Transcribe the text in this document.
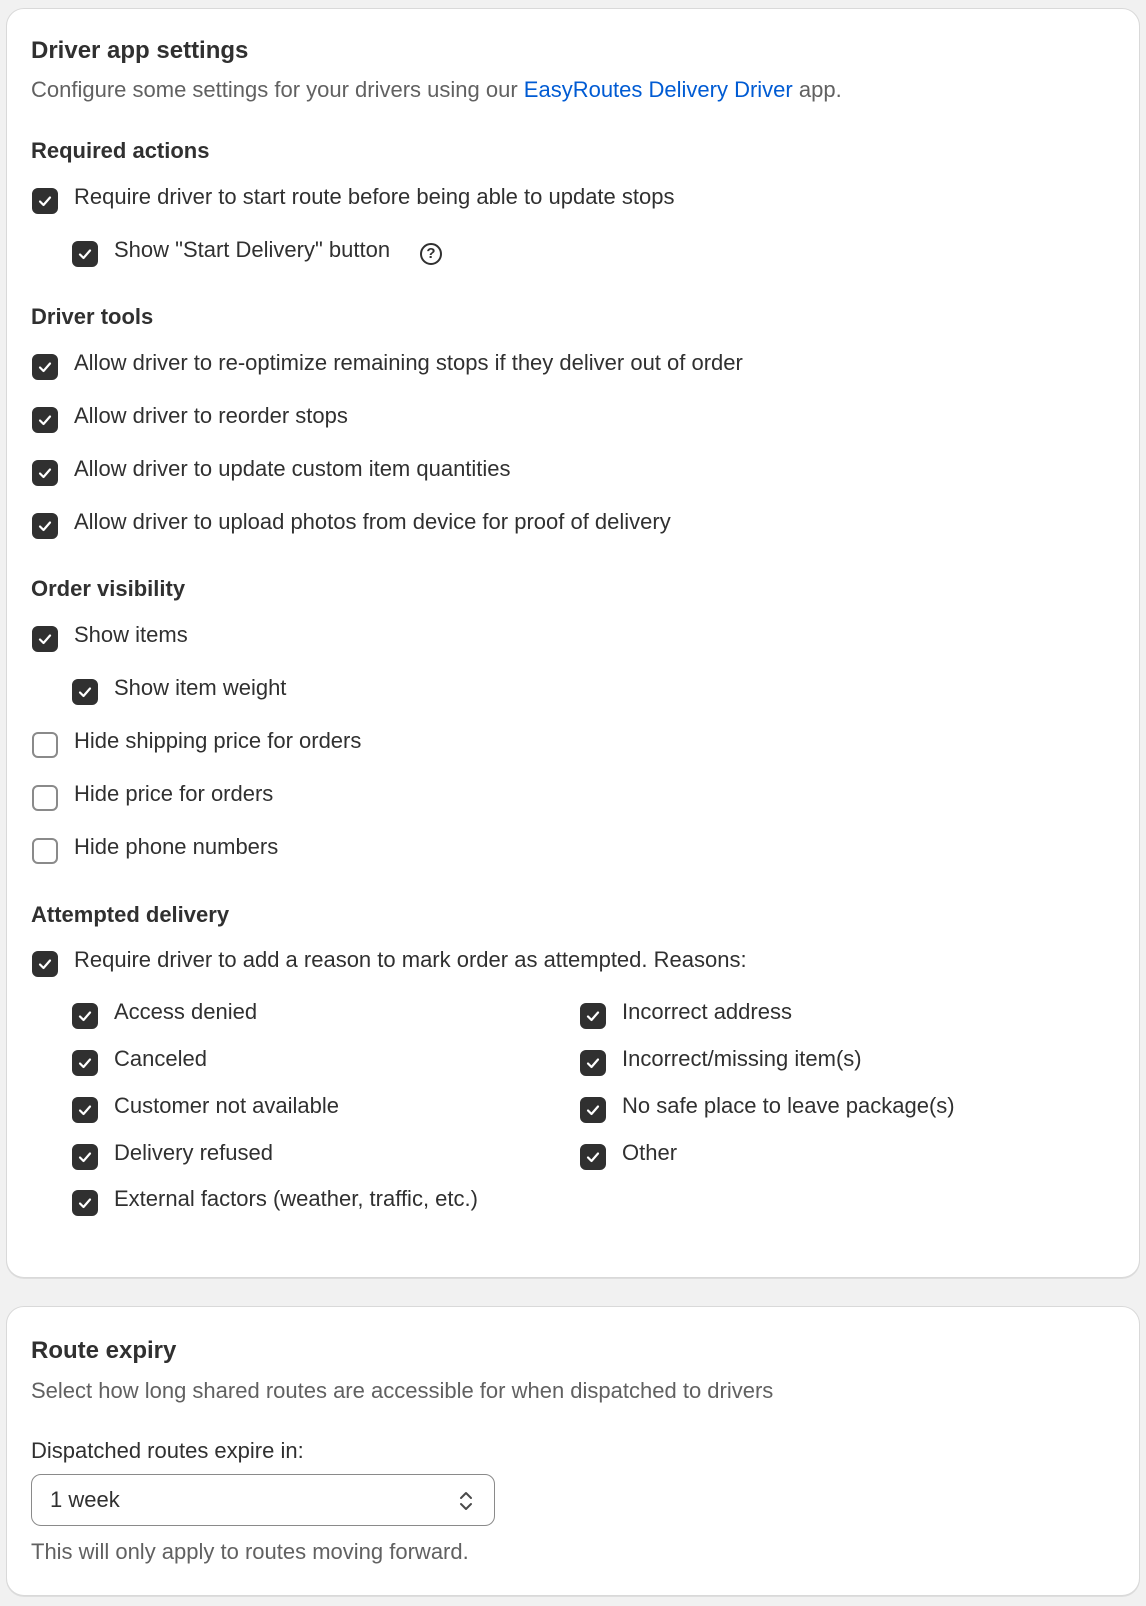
Driver app settings
Configure some settings for your drivers using our EasyRoutes Delivery Driver app.
Required actions
Require driver to start route before being able to update stops
Show "Start Delivery" button	?
Driver tools
Allow driver to re-optimize remaining stops if they deliver out of order
Allow driver to reorder stops
Allow driver to update custom item quantities
Allow driver to upload photos from device for proof of delivery
Order visibility
Show items
Show item weight
Hide shipping price for orders
Hide price for orders
Hide phone numbers
Attempted delivery
Require driver to add a reason to mark order as attempted. Reasons:
Access denied
Canceled
Customer not available
Delivery refused
External factors (weather, traffic, etc.)
Incorrect address
Incorrect/missing item(s)
No safe place to leave package(s)
Other
Route expiry
Select how long shared routes are accessible for when dispatched to drivers
Dispatched routes expire in:
1 week
This will only apply to routes moving forward.
